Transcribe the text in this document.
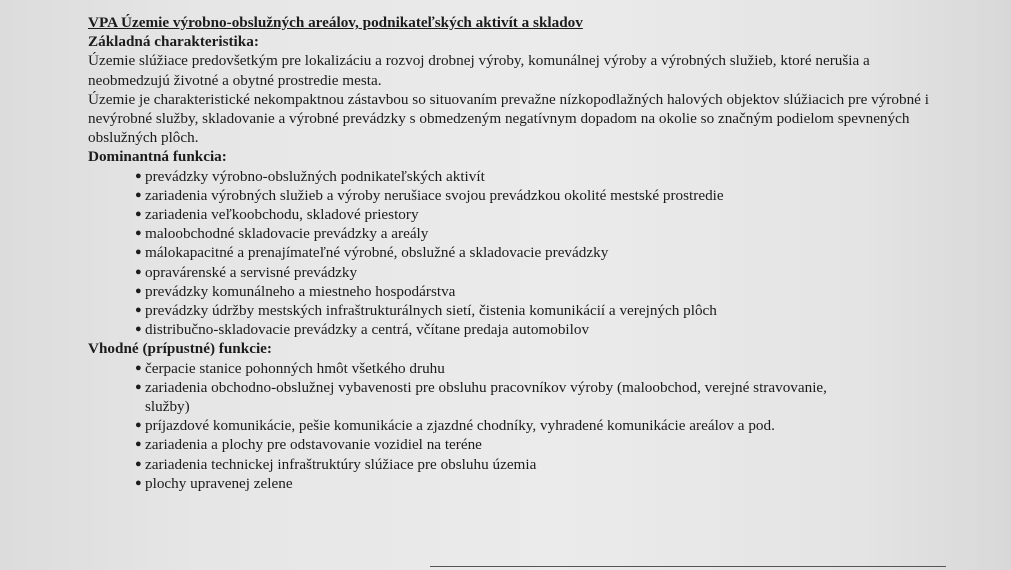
VPA Územie výrobno-obslužných areálov, podnikateľských aktivít a skladov
Základná charakteristika:

Územie slúžiace predovšetkým pre lokalizáciu a rozvoj drobnej výroby, komunálnej výroby a výrobných služieb, ktoré nerušia a neobmedzujú životné a obytné prostredie mesta.

Územie je charakteristické nekompaktnou zástavbou so situovaním prevažne nízkopodlažných halových objektov slúžiacich pre výrobné i nevýrobné služby, skladovanie a výrobné prevádzky s obmedzeným negatívnym dopadom na okolie so značným podielom spevnených obslužných plôch.

Dominantná funkcia:
● prevádzky výrobno-obslužných podnikateľských aktivít
● zariadenia výrobných služieb a výroby nerušiace svojou prevádzkou okolité mestské prostredie
● zariadenia veľkoobchodu, skladové priestory
● maloobchodné skladovacie prevádzky a areály
● málokapacitné a prenajímateľné výrobné, obslužné a skladovacie prevádzky
● opravárenské a servisné prevádzky
● prevádzky komunálneho a miestneho hospodárstva
● prevádzky údržby mestských infraštrukturálnych sietí, čistenia komunikácií a verejných plôch
● distribučno-skladovacie prevádzky a centrá, včítane predaja automobilov
Vhodné (prípustné) funkcie:
● čerpacie stanice pohonných hmôt všetkého druhu
● zariadenia obchodno-obslužnej vybavenosti pre obsluhu pracovníkov výroby (maloobchod, verejné stravovanie, služby)
● príjazdové komunikácie, pešie komunikácie a zjazdné chodníky, vyhradené komunikácie areálov a pod.
● zariadenia a plochy pre odstavovanie vozidiel na teréne
● zariadenia technickej infraštruktúry slúžiace pre obsluhu územia
● plochy upravenej zelene
